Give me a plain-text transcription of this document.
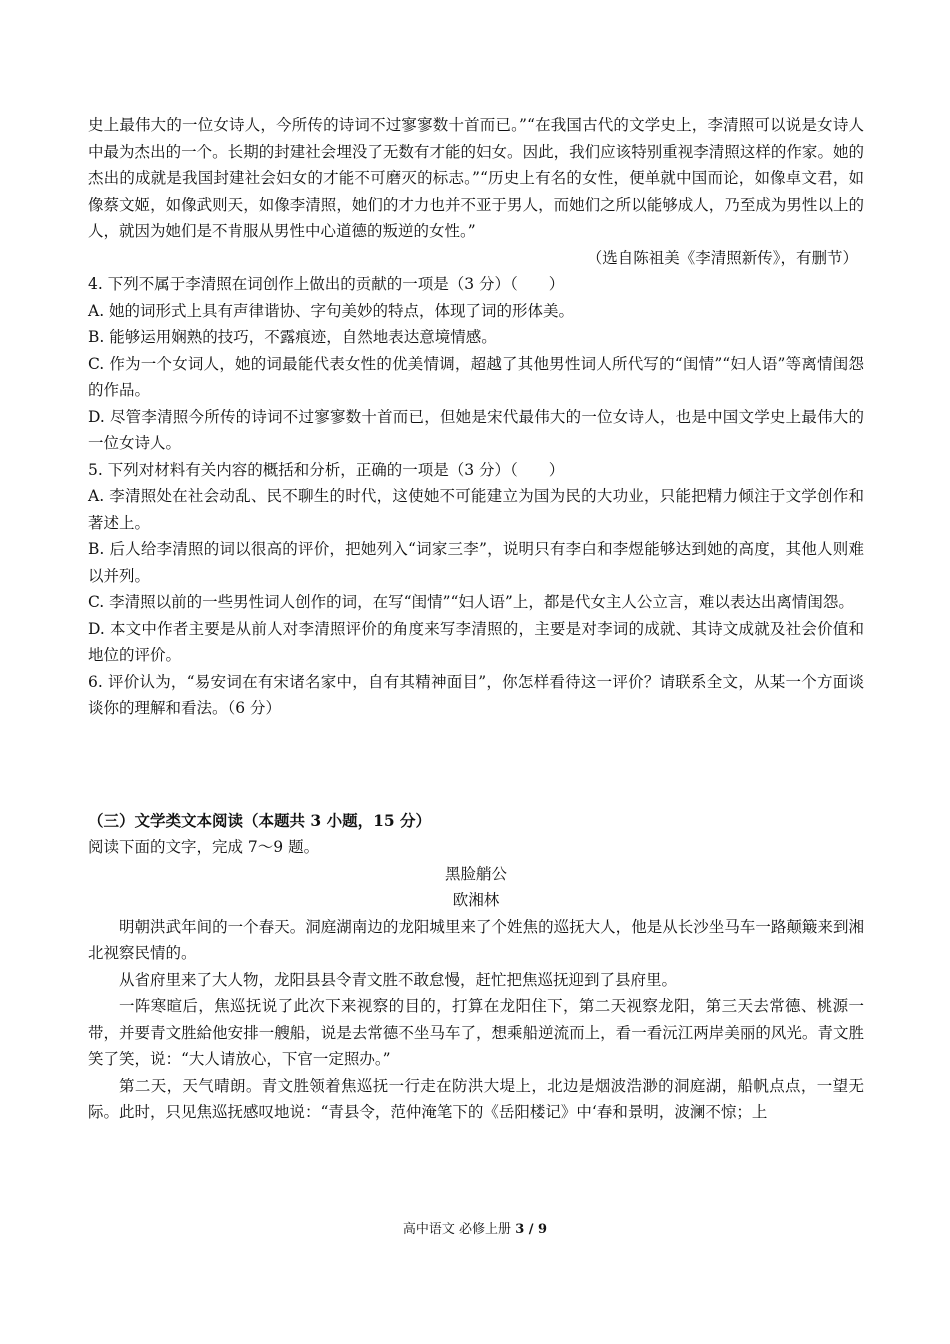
史上最伟大的一位女诗人，今所传的诗词不过寥寥数十首而已。”“在我国古代的文学史上，李清照可以说是女诗人中最为杰出的一个。长期的封建社会埋没了无数有才能的妇女。因此，我们应该特别重视李清照这样的作家。她的杰出的成就是我国封建社会妇女的才能不可磨灭的标志。”“历史上有名的女性，便单就中国而论，如像卓文君，如像蔡文姬，如像武则天，如像李清照，她们的才力也并不亚于男人，而她们之所以能够成人，乃至成为男性以上的人，就因为她们是不肯服从男性中心道德的叛逆的女性。”

（选自陈祖美《李清照新传》，有删节）

4. 下列不属于李清照在词创作上做出的贡献的一项是（3 分）（　　）

A. 她的词形式上具有声律谐协、字句美妙的特点，体现了词的形体美。

B. 能够运用娴熟的技巧，不露痕迹，自然地表达意境情感。

C. 作为一个女词人，她的词最能代表女性的优美情调，超越了其他男性词人所代写的“闺情”“妇人语”等离情闺怨的作品。

D. 尽管李清照今所传的诗词不过寥寥数十首而已，但她是宋代最伟大的一位女诗人，也是中国文学史上最伟大的一位女诗人。

5. 下列对材料有关内容的概括和分析，正确的一项是（3 分）（　　）

A. 李清照处在社会动乱、民不聊生的时代，这使她不可能建立为国为民的大功业，只能把精力倾注于文学创作和著述上。

B. 后人给李清照的词以很高的评价，把她列入“词家三李”，说明只有李白和李煜能够达到她的高度，其他人则难以并列。

C. 李清照以前的一些男性词人创作的词，在写“闺情”“妇人语”上，都是代女主人公立言，难以表达出离情闺怨。

D. 本文中作者主要是从前人对李清照评价的角度来写李清照的，主要是对李词的成就、其诗文成就及社会价值和地位的评价。

6. 评价认为，“易安词在有宋诸名家中，自有其精神面目”，你怎样看待这一评价？请联系全文，从某一个方面谈谈你的理解和看法。（6 分）

（三）文学类文本阅读（本题共 3 小题，15 分）

阅读下面的文字，完成 7～9 题。

黑脸艄公

欧湘林

明朝洪武年间的一个春天。洞庭湖南边的龙阳城里来了个姓焦的巡抚大人，他是从长沙坐马车一路颠簸来到湘北视察民情的。

从省府里来了大人物，龙阳县县令青文胜不敢怠慢，赶忙把焦巡抚迎到了县府里。

一阵寒暄后，焦巡抚说了此次下来视察的目的，打算在龙阳住下，第二天视察龙阳，第三天去常德、桃源一带，并要青文胜給他安排一艘船，说是去常德不坐马车了，想乘船逆流而上，看一看沅江两岸美丽的风光。青文胜笑了笑，说：“大人请放心，下官一定照办。”

第二天，天气晴朗。青文胜领着焦巡抚一行走在防洪大堤上，北边是烟波浩渺的洞庭湖，船帆点点，一望无际。此时，只见焦巡抚感叹地说：“青县令，范仲淹笔下的《岳阳楼记》中‘春和景明，波澜不惊；上

高中语文 必修上册 3 / 9
